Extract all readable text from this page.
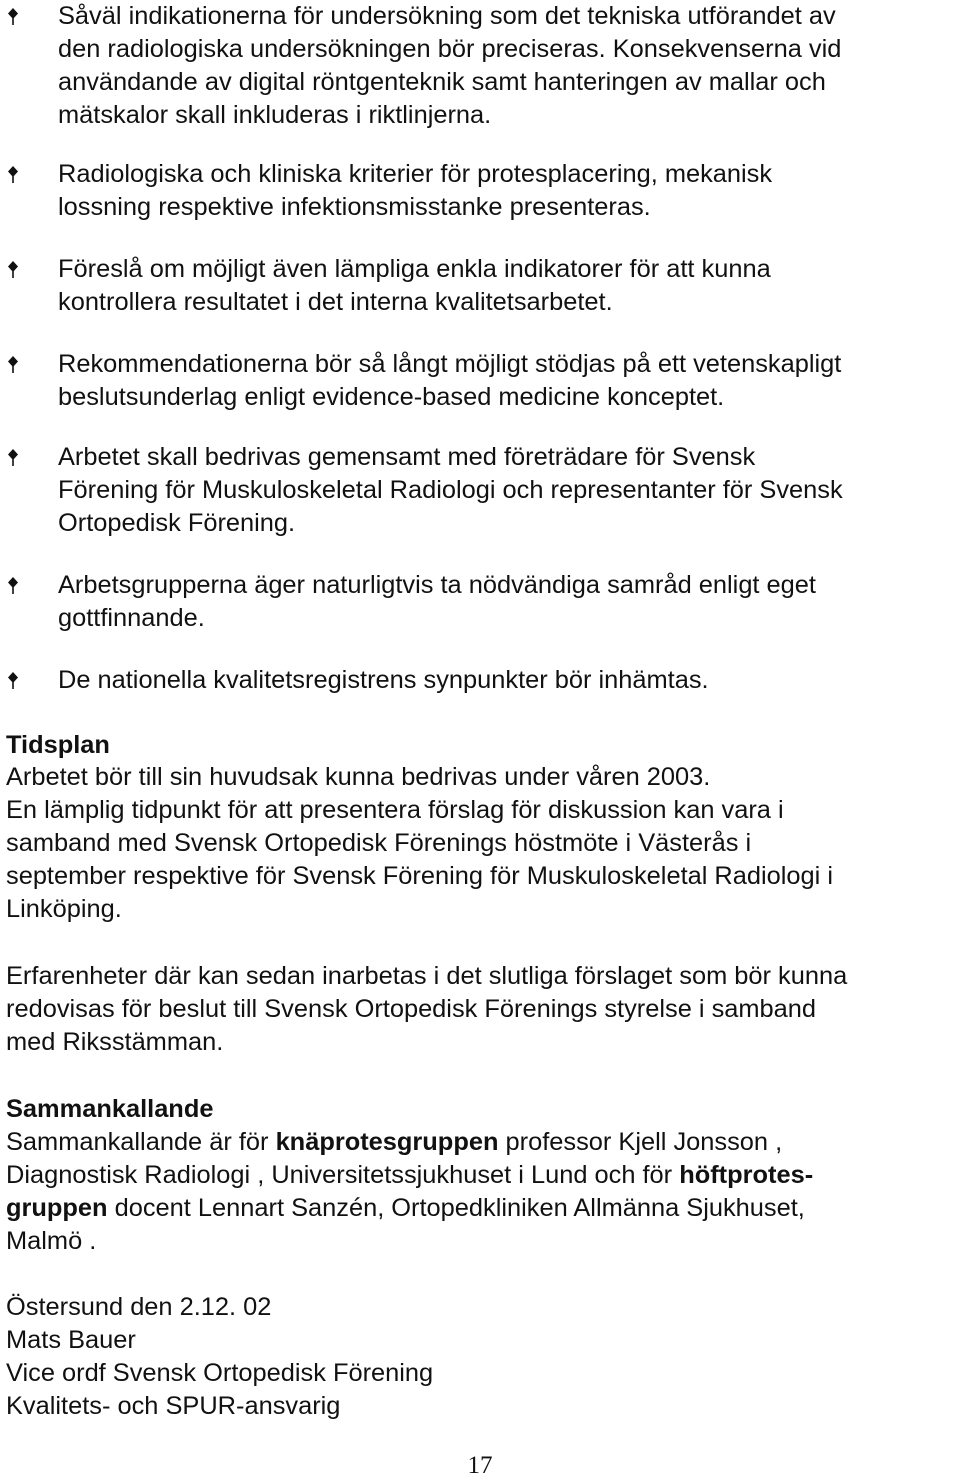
Såväl indikationerna för undersökning som det tekniska utförandet av
den radiologiska undersökningen bör preciseras. Konsekvenserna vid
användande av digital röntgenteknik samt hanteringen av mallar och
mätskalor skall inkluderas i riktlinjerna.
Radiologiska och kliniska kriterier för protesplacering, mekanisk
lossning respektive infektionsmisstanke presenteras.
Föreslå om möjligt även lämpliga enkla indikatorer för att kunna
kontrollera resultatet i det interna kvalitetsarbetet.
Rekommendationerna bör så långt möjligt stödjas på ett vetenskapligt
beslutsunderlag enligt evidence-based medicine konceptet.
Arbetet skall bedrivas gemensamt med företrädare för Svensk
Förening för Muskuloskeletal Radiologi och representanter för Svensk
Ortopedisk Förening.
Arbetsgrupperna äger naturligtvis ta nödvändiga samråd enligt eget
gottfinnande.
De nationella kvalitetsregistrens synpunkter bör inhämtas.
Tidsplan
Arbetet bör till sin huvudsak kunna bedrivas under våren 2003.
En lämplig tidpunkt för att presentera förslag för diskussion kan vara i
samband med Svensk Ortopedisk Förenings höstmöte i Västerås i
september respektive för Svensk Förening för Muskuloskeletal Radiologi i
Linköping.
Erfarenheter där kan sedan inarbetas i det slutliga förslaget som bör kunna
redovisas för beslut till Svensk Ortopedisk Förenings styrelse i samband
med Riksstämman.
Sammankallande
Sammankallande är för knäprotesgruppen professor Kjell Jonsson ,
Diagnostisk Radiologi , Universitetssjukhuset i Lund och för höftprotes-
gruppen docent Lennart Sanzén, Ortopedkliniken Allmänna Sjukhuset,
Malmö .
Östersund den 2.12. 02
Mats Bauer
Vice ordf Svensk Ortopedisk Förening
Kvalitets- och SPUR-ansvarig
17
